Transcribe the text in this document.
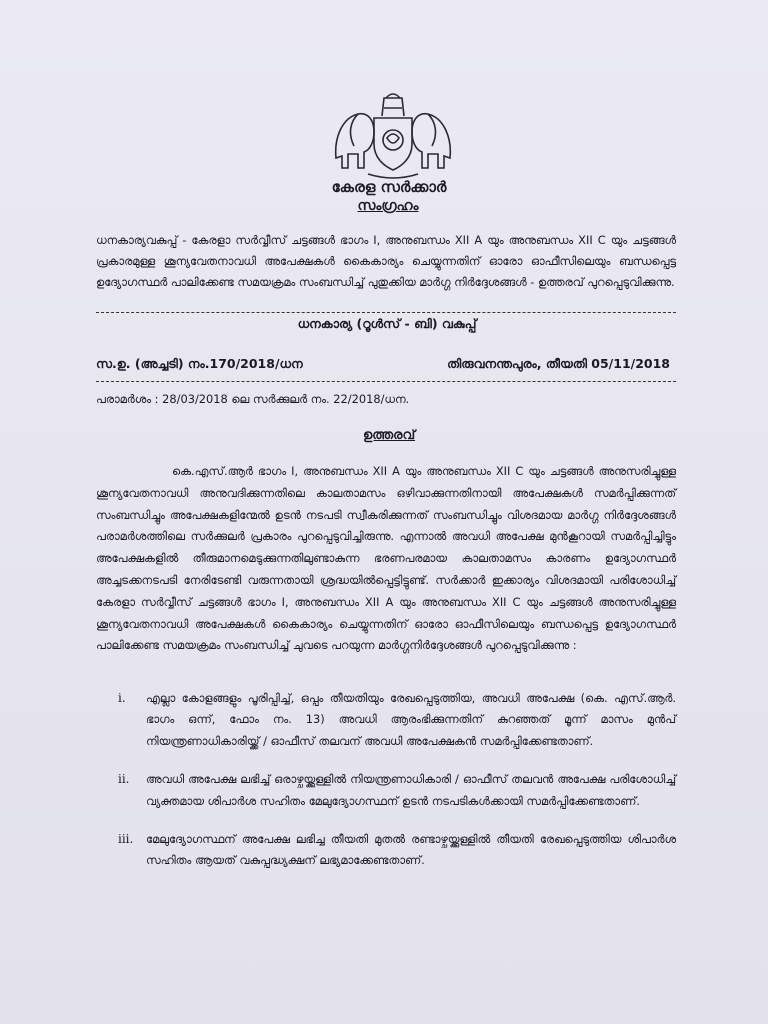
കേരള സർക്കാർ
സംഗ്രഹം
ധനകാര്യവകുപ്പ് - കേരളാ സർവ്വീസ് ചട്ടങ്ങൾ ഭാഗം I, അനുബന്ധം XII A യും അനുബന്ധം XII C യും ചട്ടങ്ങൾ പ്രകാരമുള്ള ശൂന്യവേതനാവധി അപേക്ഷകൾ കൈകാര്യം ചെയ്യുന്നതിന് ഓരോ ഓഫീസിലെയും ബന്ധപ്പെട്ട ഉദ്യോഗസ്ഥർ പാലിക്കേണ്ട സമയക്രമം സംബന്ധിച്ച് പുതുക്കിയ മാർഗ്ഗ നിർദ്ദേശങ്ങൾ - ഉത്തരവ് പുറപ്പെടുവിക്കുന്നു.
ധനകാര്യ (റൂൾസ് - ബി) വകുപ്പ്
സ.ഉ. (അച്ചടി) നം.170/2018/ധന	തിരുവനന്തപുരം, തീയതി 05/11/2018
പരാമർശം : 28/03/2018 ലെ സർക്കുലർ നം. 22/2018/ധന.
ഉത്തരവ്
കെ.എസ്.ആർ ഭാഗം I, അനുബന്ധം XII A യും അനുബന്ധം XII C യും ചട്ടങ്ങൾ അനുസരിച്ചുള്ള ശൂന്യവേതനാവധി അനുവദിക്കുന്നതിലെ കാലതാമസം ഒഴിവാക്കുന്നതിനായി അപേക്ഷകൾ സമർപ്പിക്കുന്നത് സംബന്ധിച്ചും അപേക്ഷകളിന്മേൽ ഉടൻ നടപടി സ്വീകരിക്കുന്നത് സംബന്ധിച്ചും വിശദമായ മാർഗ്ഗ നിർദ്ദേശങ്ങൾ പരാമർശത്തിലെ സർക്കുലർ പ്രകാരം പുറപ്പെടുവിച്ചിരുന്നു. എന്നാൽ അവധി അപേക്ഷ മുൻകൂറായി സമർപ്പിച്ചിട്ടും അപേക്ഷകളിൽ തീരുമാനമെടുക്കുന്നതിലുണ്ടാകുന്ന ഭരണപരമായ കാലതാമസം കാരണം ഉദ്യോഗസ്ഥർ അച്ചടക്കനടപടി നേരിടേണ്ടി വരുന്നതായി ശ്രദ്ധയിൽപ്പെട്ടിട്ടുണ്ട്. സർക്കാർ ഇക്കാര്യം വിശദമായി പരിശോധിച്ച് കേരളാ സർവ്വീസ് ചട്ടങ്ങൾ ഭാഗം I, അനുബന്ധം XII A യും അനുബന്ധം XII C യും ചട്ടങ്ങൾ അനുസരിച്ചുള്ള ശൂന്യവേതനാവധി അപേക്ഷകൾ കൈകാര്യം ചെയ്യുന്നതിന് ഓരോ ഓഫീസിലെയും ബന്ധപ്പെട്ട ഉദ്യോഗസ്ഥർ പാലിക്കേണ്ട സമയക്രമം സംബന്ധിച്ച് ചുവടെ പറയുന്ന മാർഗ്ഗനിർദ്ദേശങ്ങൾ പുറപ്പെടുവിക്കുന്നു :
i. എല്ലാ കോളങ്ങളും പൂരിപ്പിച്ച്, ഒപ്പം തീയതിയും രേഖപ്പെടുത്തിയ, അവധി അപേക്ഷ (കെ. എസ്.ആർ. ഭാഗം ഒന്ന്, ഫോം നം. 13) അവധി ആരംഭിക്കുന്നതിന് കുറഞ്ഞത് മൂന്ന് മാസം മുൻപ് നിയന്ത്രണാധികാരിയ്ക്ക് / ഓഫീസ് തലവന് അവധി അപേക്ഷകൻ സമർപ്പിക്കേണ്ടതാണ്.
ii. അവധി അപേക്ഷ ലഭിച്ച് ഒരാഴ്ചയ്ക്കുള്ളിൽ നിയന്ത്രണാധികാരി / ഓഫീസ് തലവൻ അപേക്ഷ പരിശോധിച്ച് വ്യക്തമായ ശിപാർശ സഹിതം മേലുദ്യോഗസ്ഥന് ഉടൻ നടപടികൾക്കായി സമർപ്പിക്കേണ്ടതാണ്.
iii. മേലുദ്യോഗസ്ഥന് അപേക്ഷ ലഭിച്ച തീയതി മുതൽ രണ്ടാഴ്ചയ്ക്കുള്ളിൽ തീയതി രേഖപ്പെടുത്തിയ ശിപാർശ സഹിതം ആയത് വകുപ്പദ്ധ്യക്ഷന് ലഭ്യമാക്കേണ്ടതാണ്.
